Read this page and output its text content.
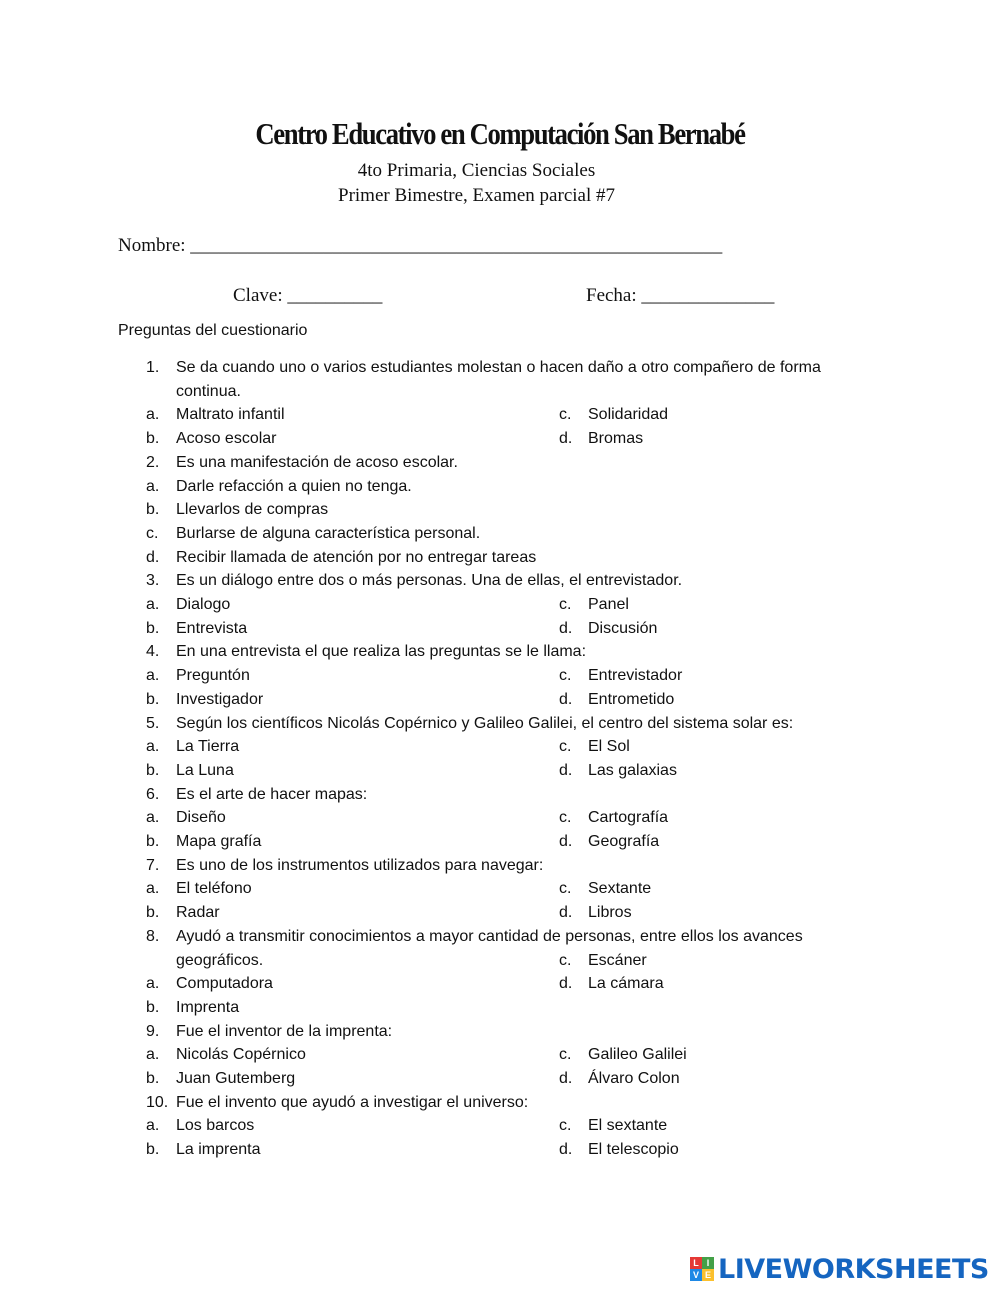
Centro Educativo en Computación San Bernabé
4to Primaria, Ciencias Sociales
Primer Bimestre, Examen parcial #7
Nombre: ________________________________________________________
Clave: __________	Fecha: ______________
Preguntas del cuestionario
1. Se da cuando uno o varios estudiantes molestan o hacen daño a otro compañero de forma continua.
a. Maltrato infantil	c. Solidaridad
b. Acoso escolar	d. Bromas
2. Es una manifestación de acoso escolar.
a. Darle refacción a quien no tenga.
b. Llevarlos de compras
c. Burlarse de alguna característica personal.
d. Recibir llamada de atención por no entregar tareas
3. Es un diálogo entre dos o más personas. Una de ellas, el entrevistador.
a. Dialogo	c. Panel
b. Entrevista	d. Discusión
4. En una entrevista el que realiza las preguntas se le llama:
a. Preguntón	c. Entrevistador
b. Investigador	d. Entrometido
5. Según los científicos Nicolás Copérnico y Galileo Galilei, el centro del sistema solar es:
a. La Tierra	c. El Sol
b. La Luna	d. Las galaxias
6. Es el arte de hacer mapas:
a. Diseño	c. Cartografía
b. Mapa grafía	d. Geografía
7. Es uno de los instrumentos utilizados para navegar:
a. El teléfono	c. Sextante
b. Radar	d. Libros
8. Ayudó a transmitir conocimientos a mayor cantidad de personas, entre ellos los avances geográficos.	c. Escáner
a. Computadora	d. La cámara
b. Imprenta
9. Fue el inventor de la imprenta:
a. Nicolás Copérnico	c. Galileo Galilei
b. Juan Gutemberg	d. Álvaro Colon
10. Fue el invento que ayudó a investigar el universo:
a. Los barcos	c. El sextante
b. La imprenta	d. El telescopio
L I
V E LIVEWORKSHEETS
